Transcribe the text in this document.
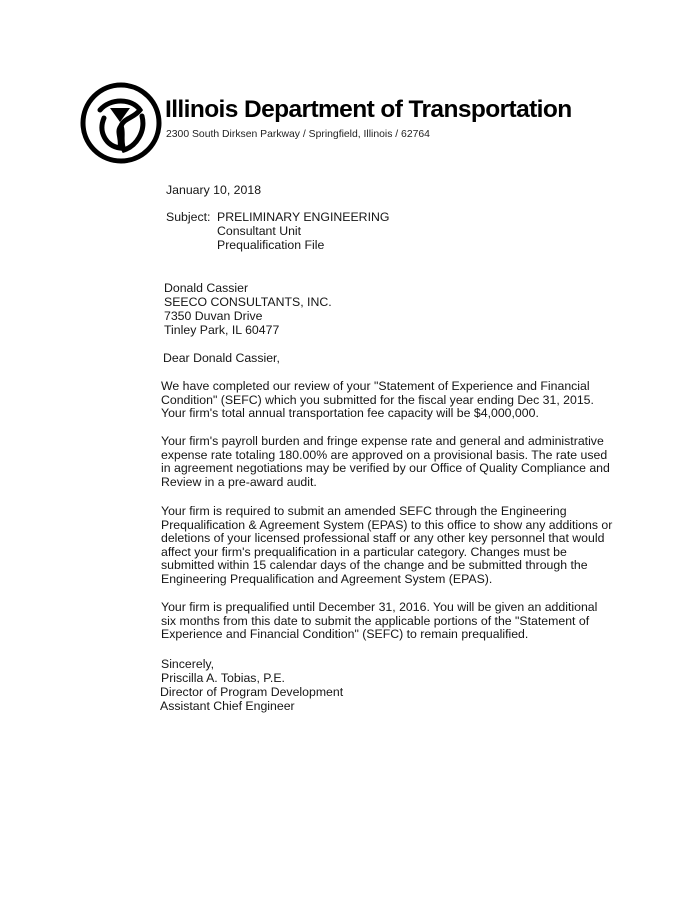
Illinois Department of Transportation
2300 South Dirksen Parkway / Springfield, Illinois / 62764
January 10, 2018
Subject: PRELIMINARY ENGINEERING
Consultant Unit
Prequalification File
Donald Cassier
SEECO CONSULTANTS, INC.
7350 Duvan Drive
Tinley Park, IL 60477
Dear Donald Cassier,
We have completed our review of your "Statement of Experience and Financial
Condition" (SEFC) which you submitted for the fiscal year ending Dec 31, 2015.
Your firm's total annual transportation fee capacity will be $4,000,000.
Your firm's payroll burden and fringe expense rate and general and administrative
expense rate totaling 180.00% are approved on a provisional basis. The rate used
in agreement negotiations may be verified by our Office of Quality Compliance and
Review in a pre-award audit.
Your firm is required to submit an amended SEFC through the Engineering
Prequalification & Agreement System (EPAS) to this office to show any additions or
deletions of your licensed professional staff or any other key personnel that would
affect your firm's prequalification in a particular category. Changes must be
submitted within 15 calendar days of the change and be submitted through the
Engineering Prequalification and Agreement System (EPAS).
Your firm is prequalified until December 31, 2016. You will be given an additional
six months from this date to submit the applicable portions of the "Statement of
Experience and Financial Condition" (SEFC) to remain prequalified.
Sincerely,
Priscilla A. Tobias, P.E.
Director of Program Development
Assistant Chief Engineer
